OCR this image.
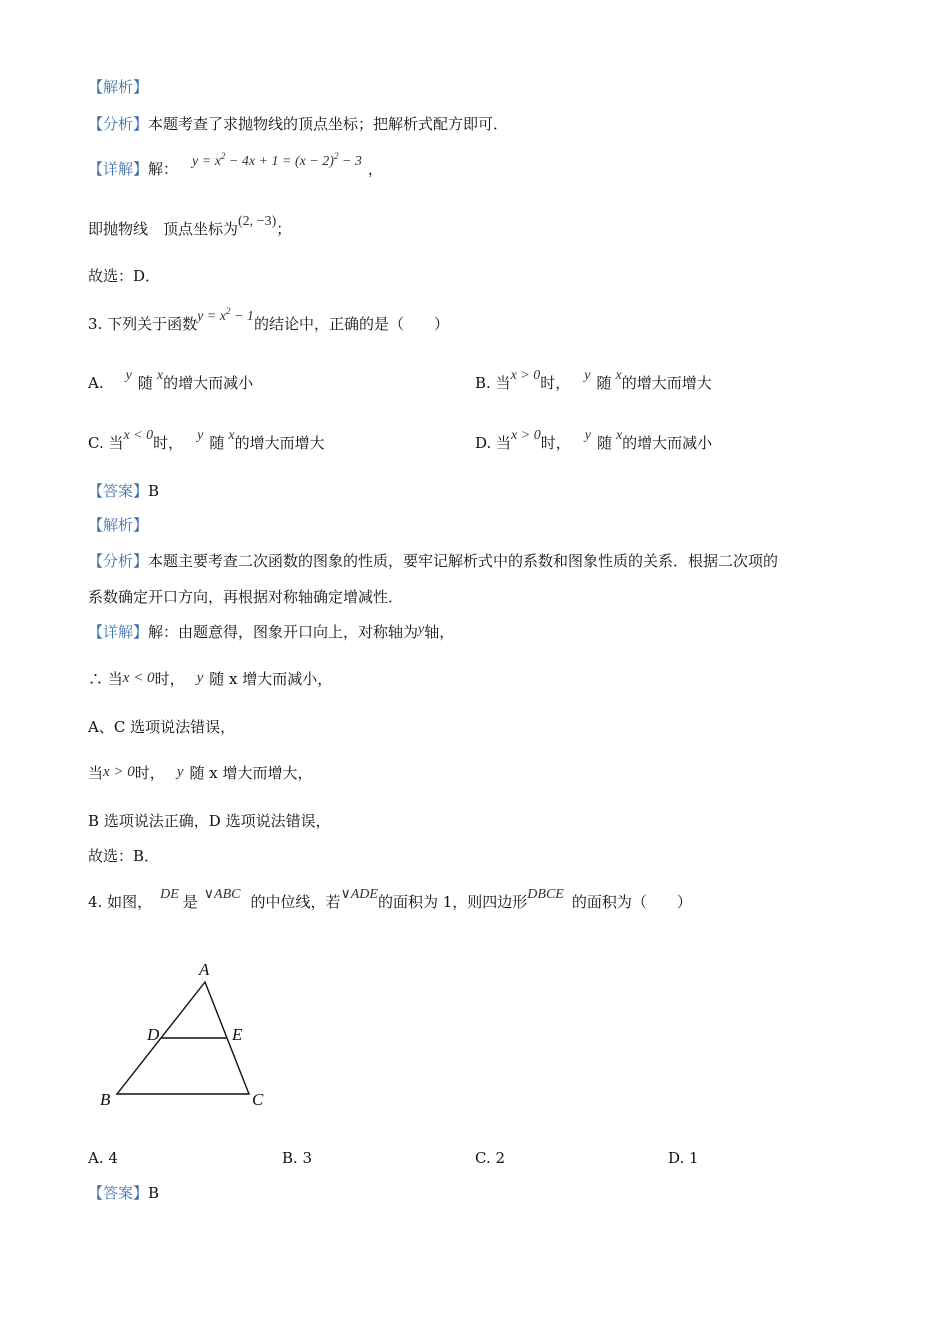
【解析】
【分析】本题考查了求抛物线的顶点坐标；把解析式配方即可．
【详解】解： $y = x^2 - 4x + 1 = (x - 2)^2 - 3$ ，
即抛物线　顶点坐标为(2, −3)；
故选：D．
3. 下列关于函数$y = x^2 - 1$的结论中，正确的是（　　）
A. y 随 x的增大而减小	B. 当x > 0时， y 随 x的增大而增大
C. 当x < 0时， y 随 x的增大而增大	D. 当x > 0时， y 随 x的增大而减小
【答案】B
【解析】
【分析】本题主要考查二次函数的图象的性质，要牢记解析式中的系数和图象性质的关系．根据二次项的
系数确定开口方向，再根据对称轴确定增减性．
【详解】解：由题意得，图象开口向上，对称轴为y轴，
∴ 当x < 0时， y 随 x 增大而减小，
A、C 选项说法错误，
当x > 0时， y 随 x 增大而增大，
B 选项说法正确，D 选项说法错误，
故选：B．
4. 如图， DE 是 ∨ABC 的中位线，若∨ADE的面积为 1，则四边形DBCE 的面积为（　　）
A
D	E
B	C
A. 4	B. 3	C. 2	D. 1
【答案】B
